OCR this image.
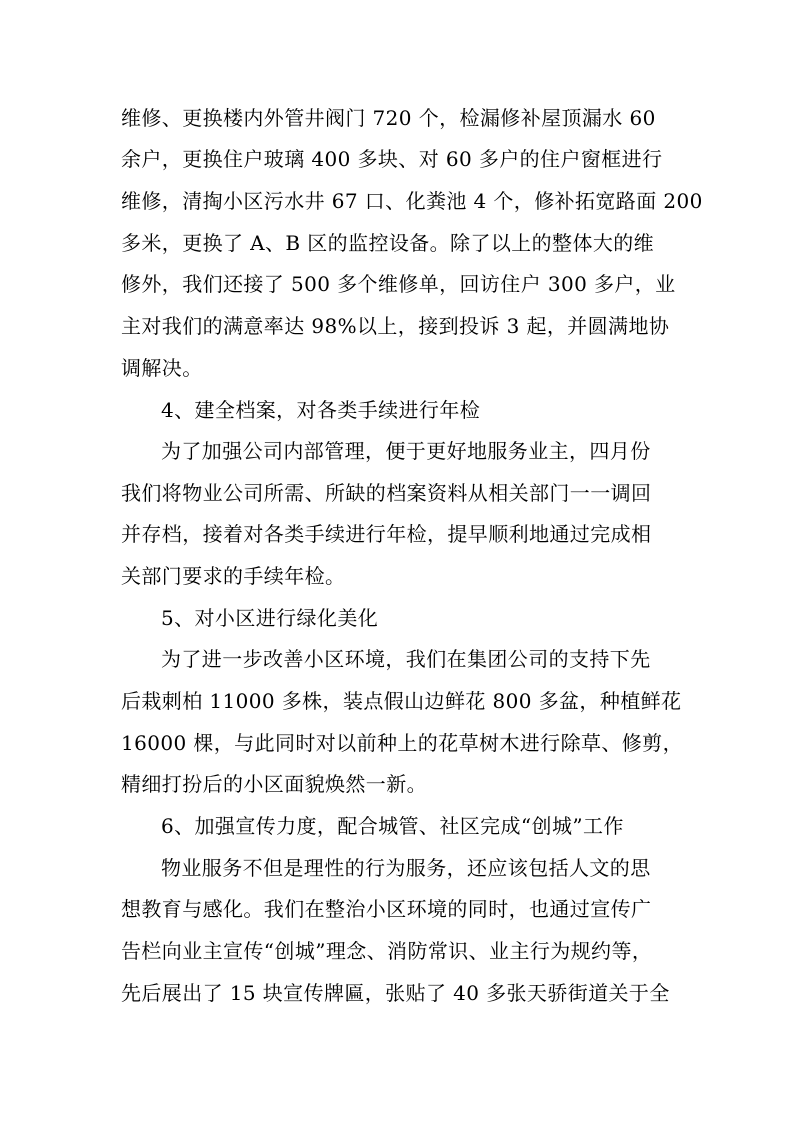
维修、更换楼内外管井阀门 720 个，检漏修补屋顶漏水 60
余户，更换住户玻璃 400 多块、对 60 多户的住户窗框进行
维修，清掏小区污水井 67 口、化粪池 4 个，修补拓宽路面 200
多米，更换了 A、B 区的监控设备。除了以上的整体大的维
修外，我们还接了 500 多个维修单，回访住户 300 多户，业
主对我们的满意率达 98%以上，接到投诉 3 起，并圆满地协
调解决。
4、建全档案，对各类手续进行年检
为了加强公司内部管理，便于更好地服务业主，四月份
我们将物业公司所需、所缺的档案资料从相关部门一一调回
并存档，接着对各类手续进行年检，提早顺利地通过完成相
关部门要求的手续年检。
5、对小区进行绿化美化
为了进一步改善小区环境，我们在集团公司的支持下先
后栽刺柏 11000 多株，装点假山边鲜花 800 多盆，种植鲜花
16000 棵，与此同时对以前种上的花草树木进行除草、修剪，
精细打扮后的小区面貌焕然一新。
6、加强宣传力度，配合城管、社区完成“创城”工作
物业服务不但是理性的行为服务，还应该包括人文的思
想教育与感化。我们在整治小区环境的同时，也通过宣传广
告栏向业主宣传“创城”理念、消防常识、业主行为规约等，
先后展出了 15 块宣传牌匾，张贴了 40 多张天骄街道关于全
